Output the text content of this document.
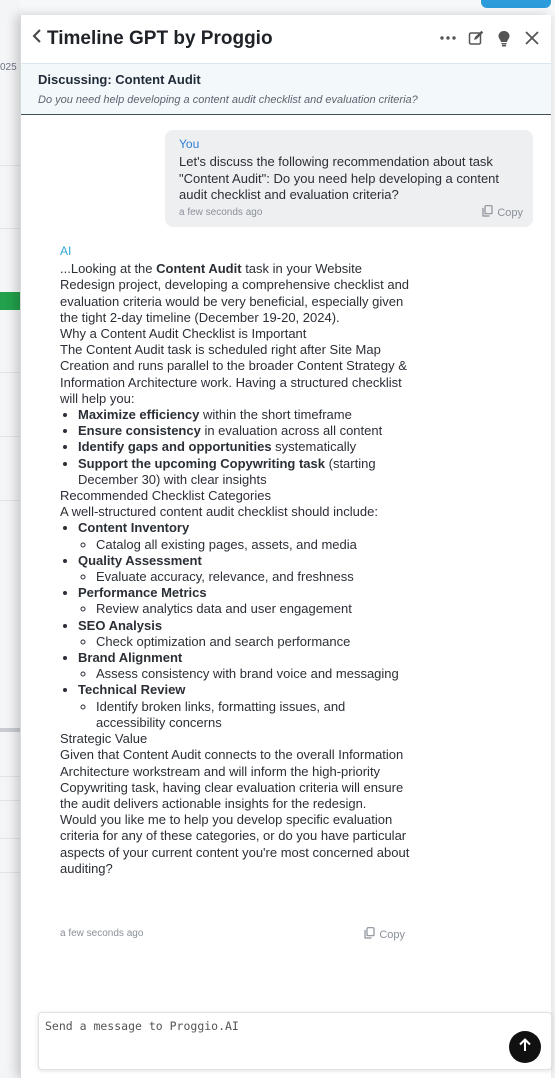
025
Timeline GPT by Proggio
Discussing: Content Audit
Do you need help developing a content audit checklist and evaluation criteria?
You
Let's discuss the following recommendation about task "Content Audit": Do you need help developing a content audit checklist and evaluation criteria?
a few seconds ago	Copy
AI

...Looking at the Content Audit task in your Website Redesign project, developing a comprehensive checklist and evaluation criteria would be very beneficial, especially given the tight 2-day timeline (December 19-20, 2024).

Why a Content Audit Checklist is Important

The Content Audit task is scheduled right after Site Map Creation and runs parallel to the broader Content Strategy & Information Architecture work. Having a structured checklist will help you:

• Maximize efficiency within the short timeframe
• Ensure consistency in evaluation across all content
• Identify gaps and opportunities systematically
• Support the upcoming Copywriting task (starting December 30) with clear insights

Recommended Checklist Categories

A well-structured content audit checklist should include:

• Content Inventory
◦ Catalog all existing pages, assets, and media
• Quality Assessment
◦ Evaluate accuracy, relevance, and freshness
• Performance Metrics
◦ Review analytics data and user engagement
• SEO Analysis
◦ Check optimization and search performance
• Brand Alignment
◦ Assess consistency with brand voice and messaging
• Technical Review
◦ Identify broken links, formatting issues, and accessibility concerns

Strategic Value

Given that Content Audit connects to the overall Information Architecture workstream and will inform the high-priority Copywriting task, having clear evaluation criteria will ensure the audit delivers actionable insights for the redesign.

Would you like me to help you develop specific evaluation criteria for any of these categories, or do you have particular aspects of your current content you're most concerned about auditing?

a few seconds ago	Copy
Send a message to Proggio.AI
